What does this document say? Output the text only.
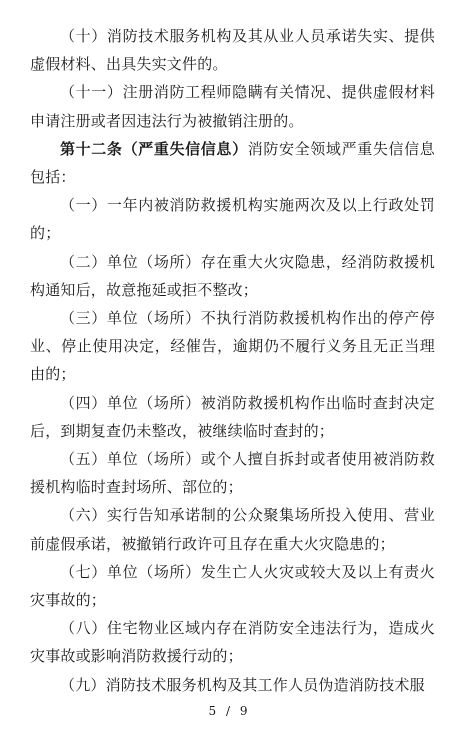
（十）消防技术服务机构及其从业人员承诺失实、提供虚假材料、出具失实文件的。

（十一）注册消防工程师隐瞒有关情况、提供虚假材料申请注册或者因违法行为被撤销注册的。

第十二条（严重失信信息）消防安全领域严重失信信息包括：

（一）一年内被消防救援机构实施两次及以上行政处罚的；

（二）单位（场所）存在重大火灾隐患，经消防救援机构通知后，故意拖延或拒不整改；

（三）单位（场所）不执行消防救援机构作出的停产停业、停止使用决定，经催告，逾期仍不履行义务且无正当理由的；

（四）单位（场所）被消防救援机构作出临时查封决定后，到期复查仍未整改，被继续临时查封的；

（五）单位（场所）或个人擅自拆封或者使用被消防救援机构临时查封场所、部位的；

（六）实行告知承诺制的公众聚集场所投入使用、营业前虚假承诺，被撤销行政许可且存在重大火灾隐患的；

（七）单位（场所）发生亡人火灾或较大及以上有责火灾事故的；

（八）住宅物业区域内存在消防安全违法行为，造成火灾事故或影响消防救援行动的；

（九）消防技术服务机构及其工作人员伪造消防技术服

5 / 9
